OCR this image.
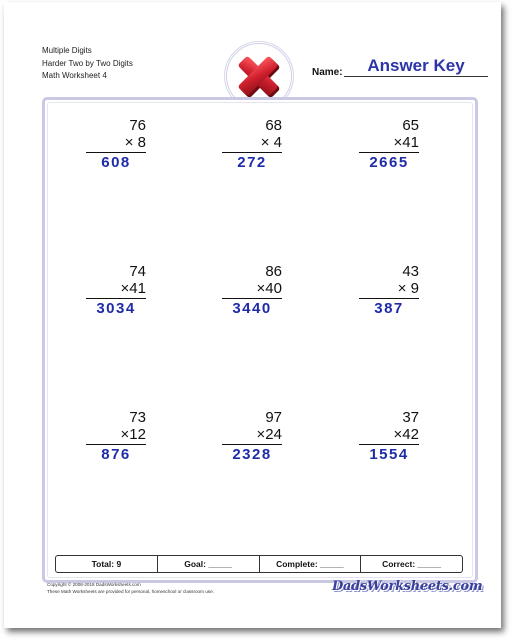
Multiple Digits
Harder Two by Two Digits
Math Worksheet 4	Name:	Answer Key
76
× 8
608
68
× 4
272
65
×41
2665
74
×41
3034
86
×40
3440
43
× 9
387
73
×12
876
97
×24
2328
37
×42
1554
Total: 9	Goal: _____	Complete: _____	Correct: _____
Copyright © 2008-2018 DadsWorksheets.com
These Math Worksheets are provided for personal, homeschool or classroom use.	DadsWorksheets.com
